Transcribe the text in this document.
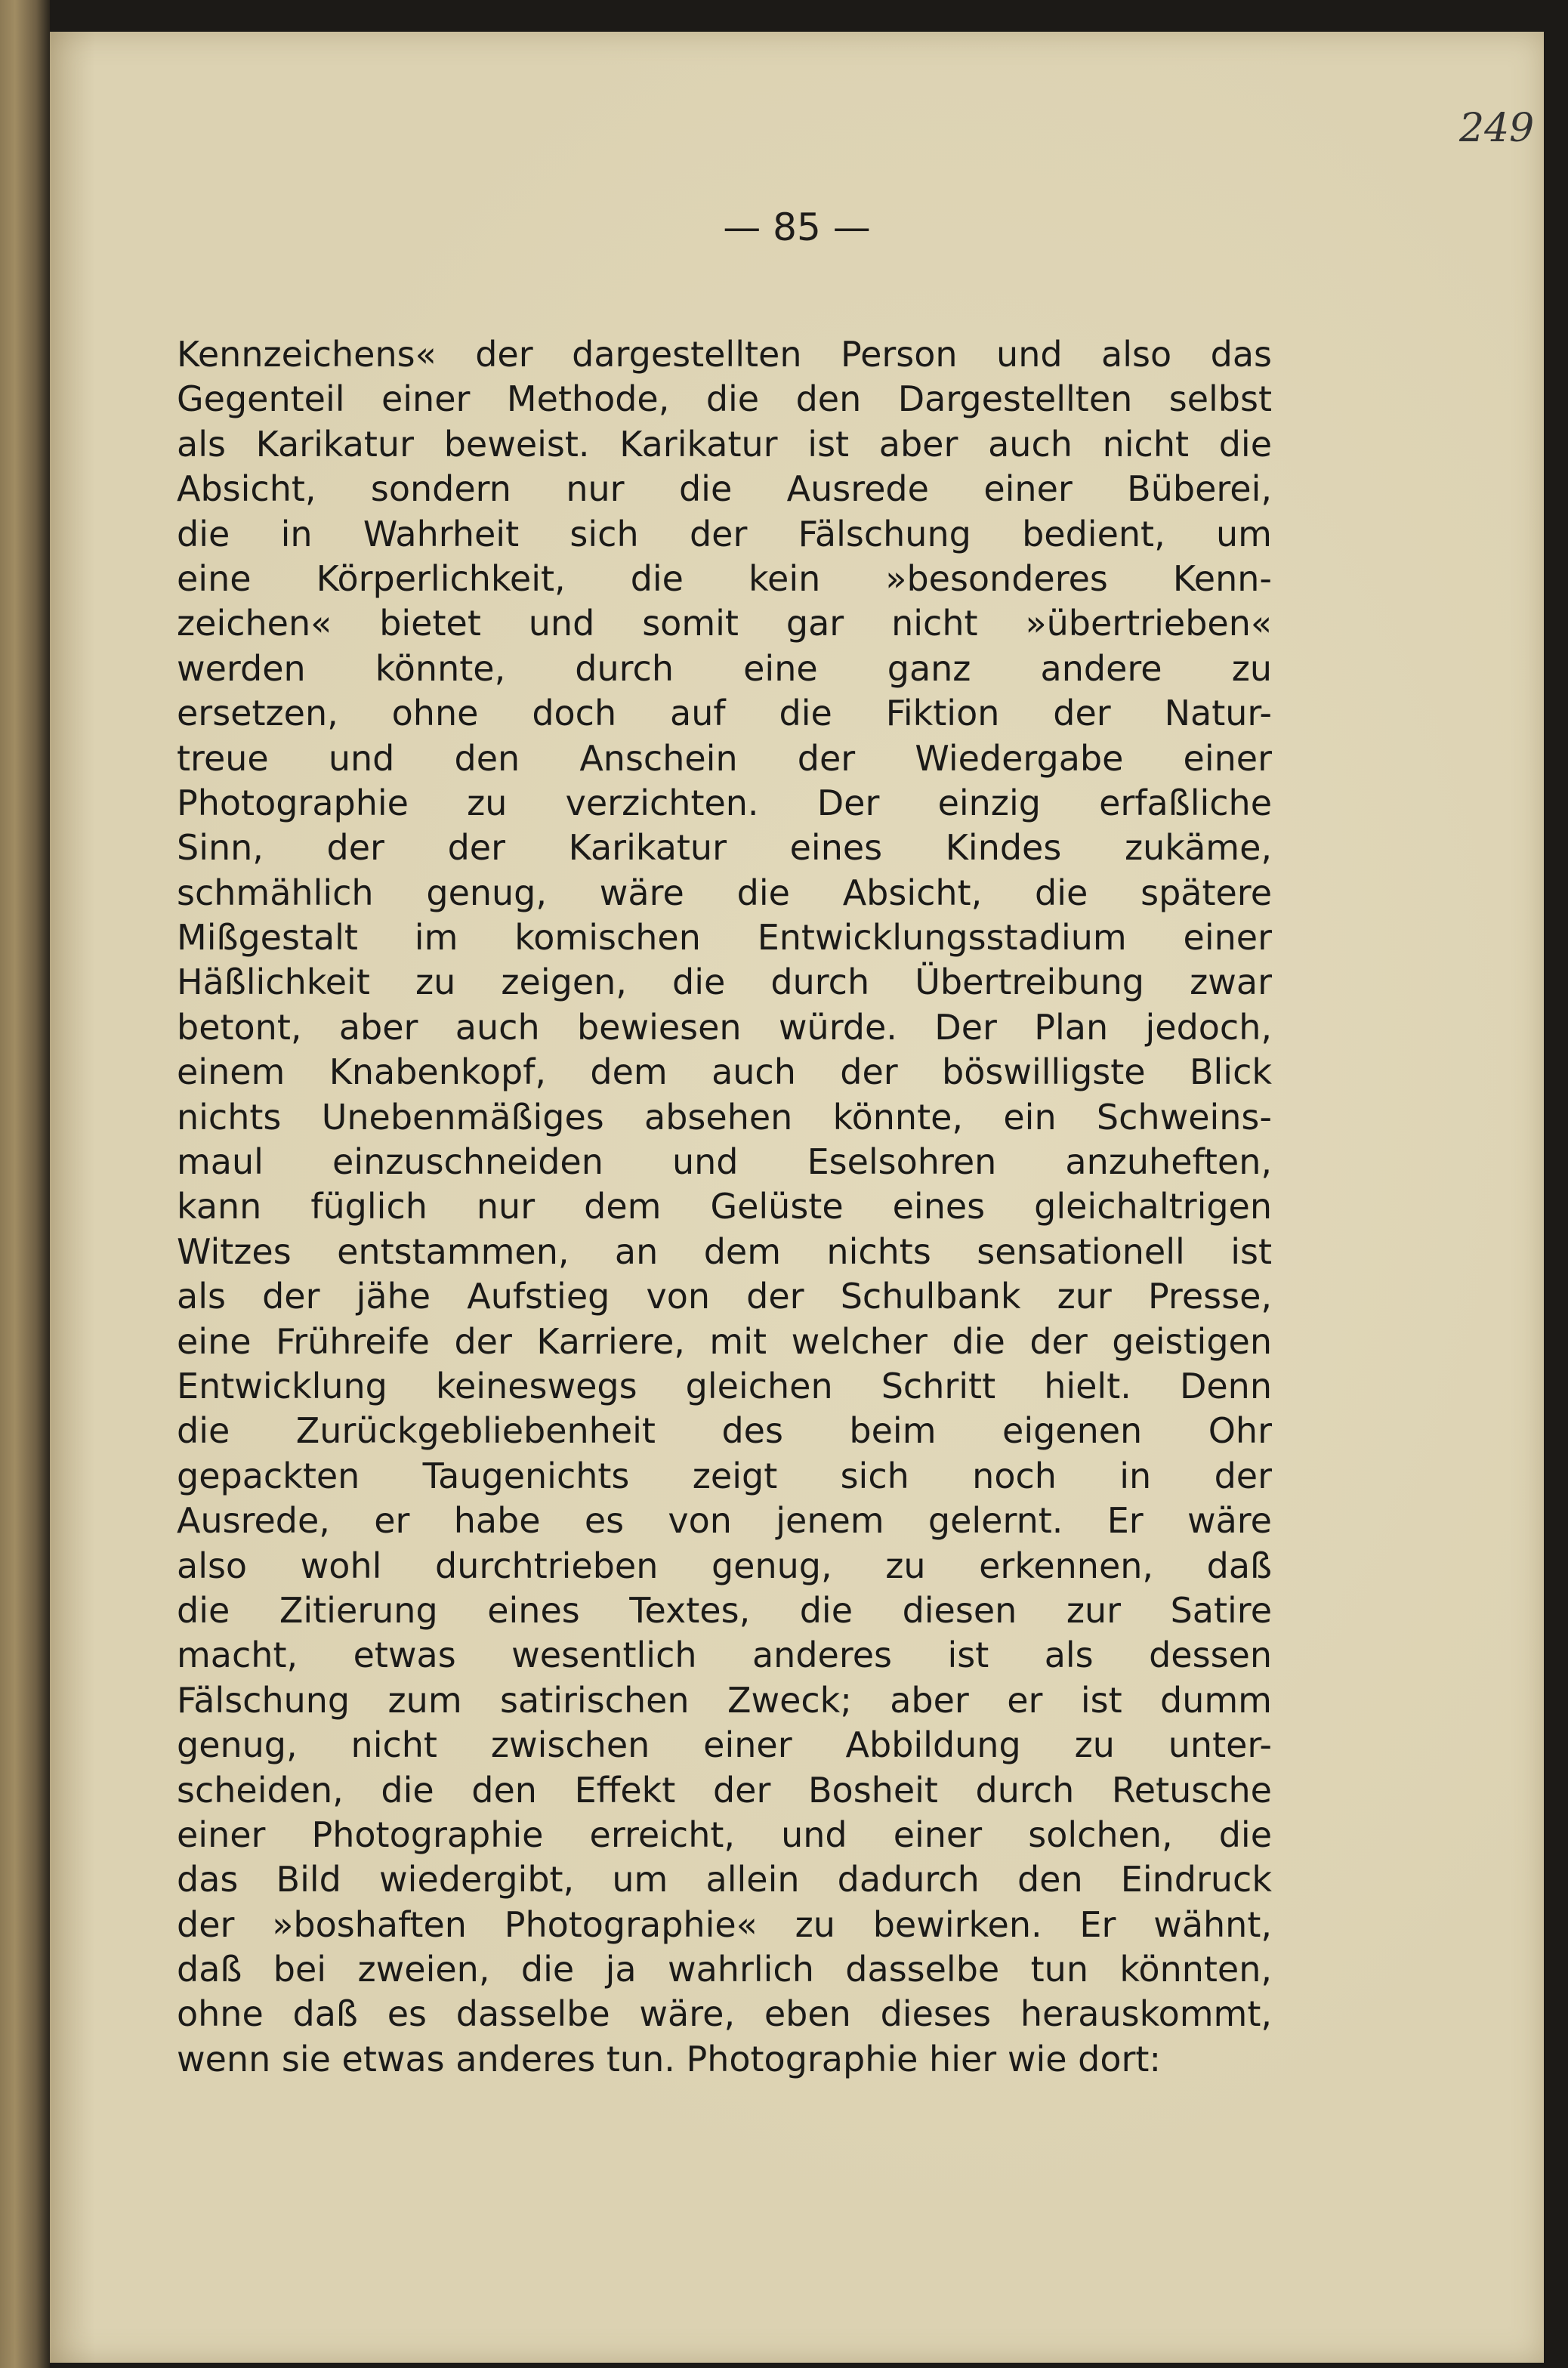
249
— 85 —
Kennzeichens« der dargestellten Person und also das
Gegenteil einer Methode, die den Dargestellten selbst
als Karikatur beweist. Karikatur ist aber auch nicht die
Absicht, sondern nur die Ausrede einer Büberei,
die in Wahrheit sich der Fälschung bedient, um
eine Körperlichkeit, die kein »besonderes Kenn-
zeichen« bietet und somit gar nicht »übertrieben«
werden könnte, durch eine ganz andere zu
ersetzen, ohne doch auf die Fiktion der Natur-
treue und den Anschein der Wiedergabe einer
Photographie zu verzichten. Der einzig erfaßliche
Sinn, der der Karikatur eines Kindes zukäme,
schmählich genug, wäre die Absicht, die spätere
Mißgestalt im komischen Entwicklungsstadium einer
Häßlichkeit zu zeigen, die durch Übertreibung zwar
betont, aber auch bewiesen würde. Der Plan jedoch,
einem Knabenkopf, dem auch der böswilligste Blick
nichts Unebenmäßiges absehen könnte, ein Schweins-
maul einzuschneiden und Eselsohren anzuheften,
kann füglich nur dem Gelüste eines gleichaltrigen
Witzes entstammen, an dem nichts sensationell ist
als der jähe Aufstieg von der Schulbank zur Presse,
eine Frühreife der Karriere, mit welcher die der geistigen
Entwicklung keineswegs gleichen Schritt hielt. Denn
die Zurückgebliebenheit des beim eigenen Ohr
gepackten Taugenichts zeigt sich noch in der
Ausrede, er habe es von jenem gelernt. Er wäre
also wohl durchtrieben genug, zu erkennen, daß
die Zitierung eines Textes, die diesen zur Satire
macht, etwas wesentlich anderes ist als dessen
Fälschung zum satirischen Zweck; aber er ist dumm
genug, nicht zwischen einer Abbildung zu unter-
scheiden, die den Effekt der Bosheit durch Retusche
einer Photographie erreicht, und einer solchen, die
das Bild wiedergibt, um allein dadurch den Eindruck
der »boshaften Photographie« zu bewirken. Er wähnt,
daß bei zweien, die ja wahrlich dasselbe tun könnten,
ohne daß es dasselbe wäre, eben dieses herauskommt,
wenn sie etwas anderes tun. Photographie hier wie dort:
